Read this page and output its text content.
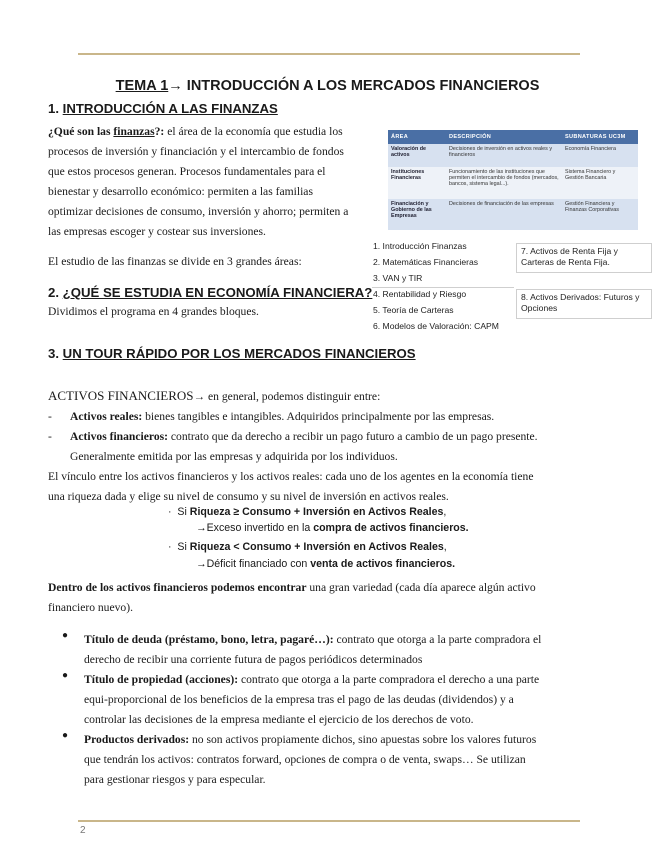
TEMA 1→ INTRODUCCIÓN A LOS MERCADOS FINANCIEROS
1. INTRODUCCIÓN A LAS FINANZAS
¿Qué son las finanzas?: el área de la economía que estudia los
procesos de inversión y financiación y el intercambio de fondos
que estos procesos generan. Procesos fundamentales para el
bienestar y desarrollo económico: permiten a las familias
optimizar decisiones de consumo, inversión y ahorro; permiten a
las empresas escoger y costear sus inversiones.
El estudio de las finanzas se divide en 3 grandes áreas:
ÁREA	DESCRIPCIÓN	SUBNATURAS UC3M
Valoración de activos	Decisiones de inversión en activos reales y financieros	Economía Financiera
Instituciones Financieras	Funcionamiento de las instituciones que permiten el intercambio de fondos (mercados, bancos, sistema legal...).	Sistema Financiero y Gestión Bancaria
Financiación y Gobierno de las Empresas	Decisiones de financiación de las empresas	Gestión Financiera y Finanzas Corporativas
2. ¿QUÉ SE ESTUDIA EN ECONOMÍA FINANCIERA?
Dividimos el programa en 4 grandes bloques.
1. Introducción Finanzas
2. Matemáticas Financieras
3. VAN y TIR
4. Rentabilidad y Riesgo
5. Teoría de Carteras
6. Modelos de Valoración: CAPM
7. Activos de Renta Fija y
Carteras de Renta Fija.
8. Activos Derivados: Futuros y
Opciones
3. UN TOUR RÁPIDO POR LOS MERCADOS FINANCIEROS
ACTIVOS FINANCIEROS→ en general, podemos distinguir entre:
- Activos reales: bienes tangibles e intangibles. Adquiridos principalmente por las empresas.
- Activos financieros: contrato que da derecho a recibir un pago futuro a cambio de un pago presente.
Generalmente emitida por las empresas y adquirida por los individuos.
El vínculo entre los activos financieros y los activos reales: cada uno de los agentes en la economía tiene
una riqueza dada y elige su nivel de consumo y su nivel de inversión en activos reales.
·  Si Riqueza ≥ Consumo + Inversión en Activos Reales,
→Exceso invertido en la compra de activos financieros.
·  Si Riqueza < Consumo + Inversión en Activos Reales,
→Déficit financiado con venta de activos financieros.
Dentro de los activos financieros podemos encontrar una gran variedad (cada día aparece algún activo
financiero nuevo).
● Título de deuda (préstamo, bono, letra, pagaré…): contrato que otorga a la parte compradora el
derecho de recibir una corriente futura de pagos periódicos determinados
● Título de propiedad (acciones): contrato que otorga a la parte compradora el derecho a una parte
equi-proporcional de los beneficios de la empresa tras el pago de las deudas (dividendos) y a
controlar las decisiones de la empresa mediante el ejercicio de los derechos de voto.
● Productos derivados: no son activos propiamente dichos, sino apuestas sobre los valores futuros
que tendrán los activos: contratos forward, opciones de compra o de venta, swaps… Se utilizan
para gestionar riesgos y para especular.
2
